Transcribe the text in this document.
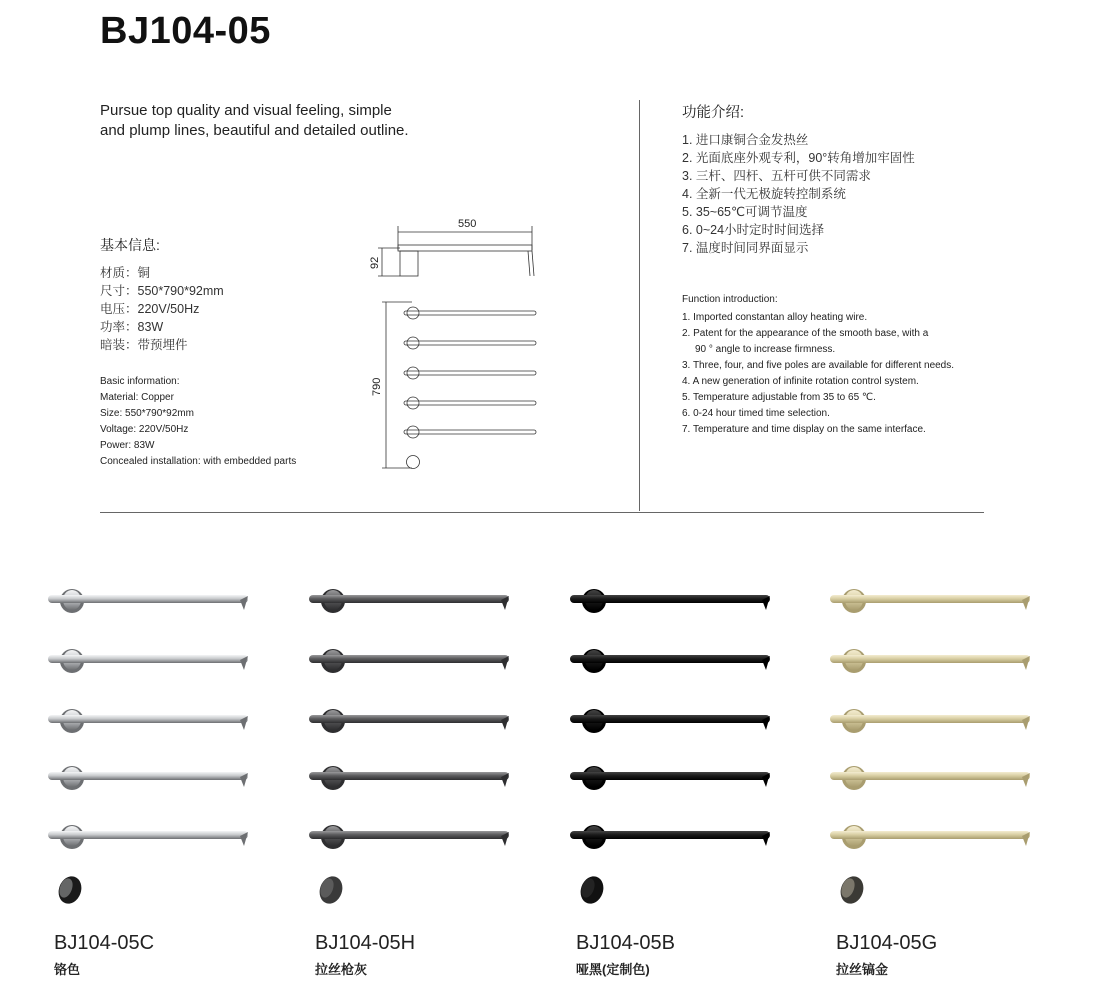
BJ104-05
Pursue top quality and visual feeling, simple
and plump lines, beautiful and detailed outline.
基本信息:
材质：铜
尺寸：550*790*92mm
电压：220V/50Hz
功率：83W
暗装：带预埋件
Basic information:
Material: Copper
Size: 550*790*92mm
Voltage: 220V/50Hz
Power: 83W
Concealed installation: with embedded parts
550
92
790
功能介绍:
1. 进口康铜合金发热丝
2. 光面底座外观专利，90°转角增加牢固性
3. 三杆、四杆、五杆可供不同需求
4. 全新一代无极旋转控制系统
5. 35~65℃可调节温度
6. 0~24小时定时时间选择
7. 温度时间同界面显示
Function introduction:
1. Imported constantan alloy heating wire.
2. Patent for the appearance of the smooth base, with a
90 ° angle to increase firmness.
3. Three, four, and five poles are available for different needs.
4. A new generation of infinite rotation control system.
5. Temperature adjustable from 35 to 65 ℃.
6. 0-24 hour timed time selection.
7. Temperature and time display on the same interface.
BJ104-05C
铬色
BJ104-05H
拉丝枪灰
BJ104-05B
哑黑(定制色)
BJ104-05G
拉丝镐金
